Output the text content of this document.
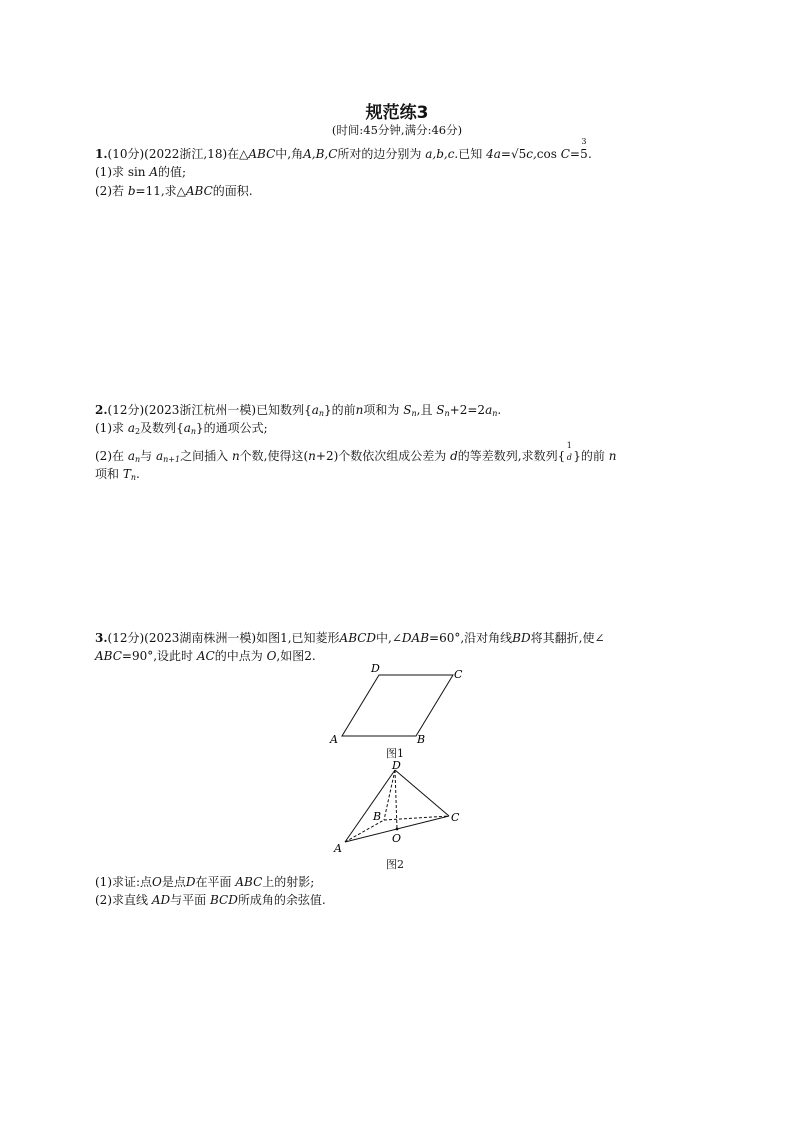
规范练3
(时间:45分钟,满分:46分)
1.(10分)(2022浙江,18)在△ABC中,角A,B,C所对的边分别为 a,b,c.已知 4a=√5c,cos C=
3
5.
(1)求 sin A的值;
(2)若 b=11,求△ABC的面积.
2.(12分)(2023浙江杭州一模)已知数列$\{a_n\}$的前n项和为 $S_n$,且 $S_n+2=2a_n$.
(1)求 $a_2$及数列$\{a_n\}$的通项公式;
(2)在 $a_n$与 $a_{n+1}$之间插入 n个数,使得这(n+2)个数依次组成公差为 d的等差数列,求数列{
1
d}的前 n
项和 $T_n$.
3.(12分)(2023湖南株洲一模)如图1,已知菱形ABCD中,∠DAB=60°,沿对角线BD将其翻折,使∠
ABC=90°,设此时 AC的中点为 O,如图2.
A	B
C
D
图1
A
B	C
D
O
图2
(1)求证:点O是点D在平面 ABC上的射影;
(2)求直线 AD与平面 BCD所成角的余弦值.
